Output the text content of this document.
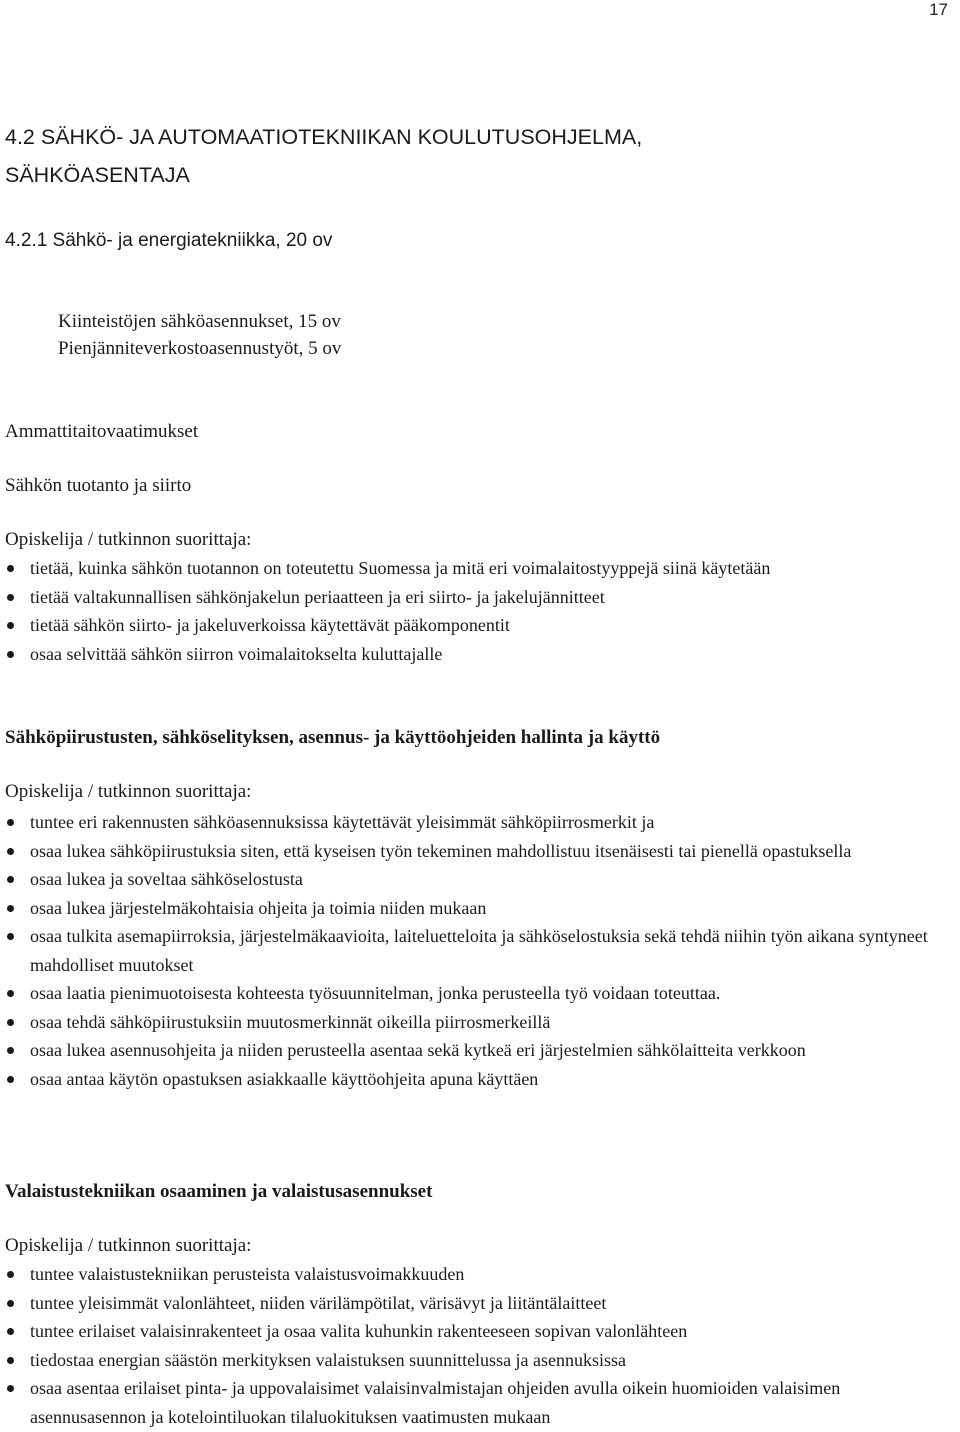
17
4.2 SÄHKÖ- JA AUTOMAATIOTEKNIIKAN KOULUTUSOHJELMA,
SÄHKÖASENTAJA
4.2.1 Sähkö- ja energiatekniikka, 20 ov
Kiinteistöjen sähköasennukset, 15 ov
Pienjänniteverkostoasennustyöt, 5 ov
Ammattitaitovaatimukset
Sähkön tuotanto ja siirto
Opiskelija / tutkinnon suorittaja:
tietää, kuinka sähkön tuotannon on toteutettu Suomessa ja mitä eri voimalaitostyyppejä siinä käytetään
tietää valtakunnallisen sähkönjakelun periaatteen ja eri siirto- ja jakelujännitteet
tietää sähkön siirto- ja jakeluverkoissa käytettävät pääkomponentit
osaa selvittää sähkön siirron voimalaitokselta kuluttajalle
Sähköpiirustusten, sähköselityksen, asennus- ja käyttöohjeiden hallinta ja käyttö
Opiskelija / tutkinnon suorittaja:
tuntee eri rakennusten sähköasennuksissa käytettävät yleisimmät sähköpiirrosmerkit ja
osaa lukea sähköpiirustuksia siten, että kyseisen työn tekeminen mahdollistuu itsenäisesti tai pienellä opastuksella
osaa lukea ja soveltaa sähköselostusta
osaa lukea järjestelmäkohtaisia ohjeita ja toimia niiden mukaan
osaa tulkita asemapiirroksia, järjestelmäkaavioita, laiteluetteloita ja sähköselostuksia sekä tehdä niihin työn aikana syntyneet mahdolliset muutokset
osaa laatia pienimuotoisesta kohteesta työsuunnitelman, jonka perusteella työ voidaan toteuttaa.
osaa tehdä sähköpiirustuksiin muutosmerkinnät oikeilla piirrosmerkeillä
osaa lukea asennusohjeita ja niiden perusteella asentaa sekä kytkeä eri järjestelmien sähkölaitteita verkkoon
osaa antaa käytön opastuksen asiakkaalle käyttöohjeita apuna käyttäen
Valaistustekniikan osaaminen ja valaistusasennukset
Opiskelija / tutkinnon suorittaja:
tuntee valaistustekniikan perusteista valaistusvoimakkuuden
tuntee yleisimmät valonlähteet, niiden värilämpötilat, värisävyt ja liitäntälaitteet
tuntee erilaiset valaisinrakenteet ja osaa valita kuhunkin rakenteeseen sopivan valonlähteen
tiedostaa energian säästön merkityksen valaistuksen suunnittelussa ja asennuksissa
osaa asentaa erilaiset pinta- ja uppovalaisimet valaisinvalmistajan ohjeiden avulla oikein huomioiden valaisimen asennusasennon ja kotelointiluokan tilaluokituksen vaatimusten mukaan
